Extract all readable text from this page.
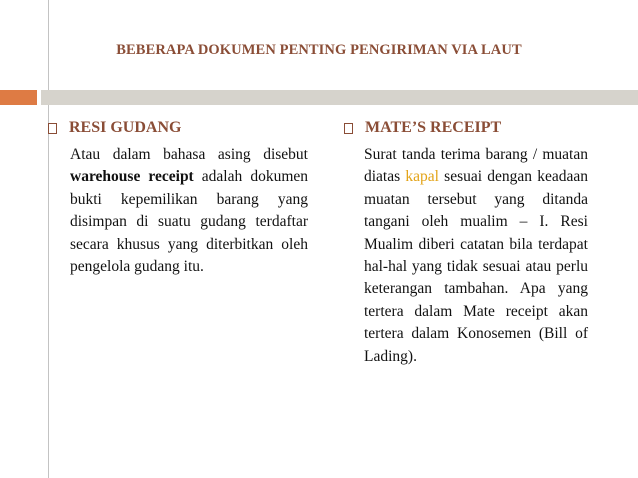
BEBERAPA DOKUMEN PENTING PENGIRIMAN VIA LAUT
RESI GUDANG
Atau dalam bahasa asing disebut warehouse receipt adalah dokumen bukti kepemilikan barang yang disimpan di suatu gudang terdaftar secara khusus yang diterbitkan oleh pengelola gudang itu.
MATE’S RECEIPT
Surat tanda terima barang / muatan diatas kapal sesuai dengan keadaan muatan tersebut yang ditanda tangani oleh mualim – I. Resi Mualim diberi catatan bila terdapat hal-hal yang tidak sesuai atau perlu keterangan tambahan. Apa yang tertera dalam Mate receipt akan tertera dalam Konosemen (Bill of Lading).
